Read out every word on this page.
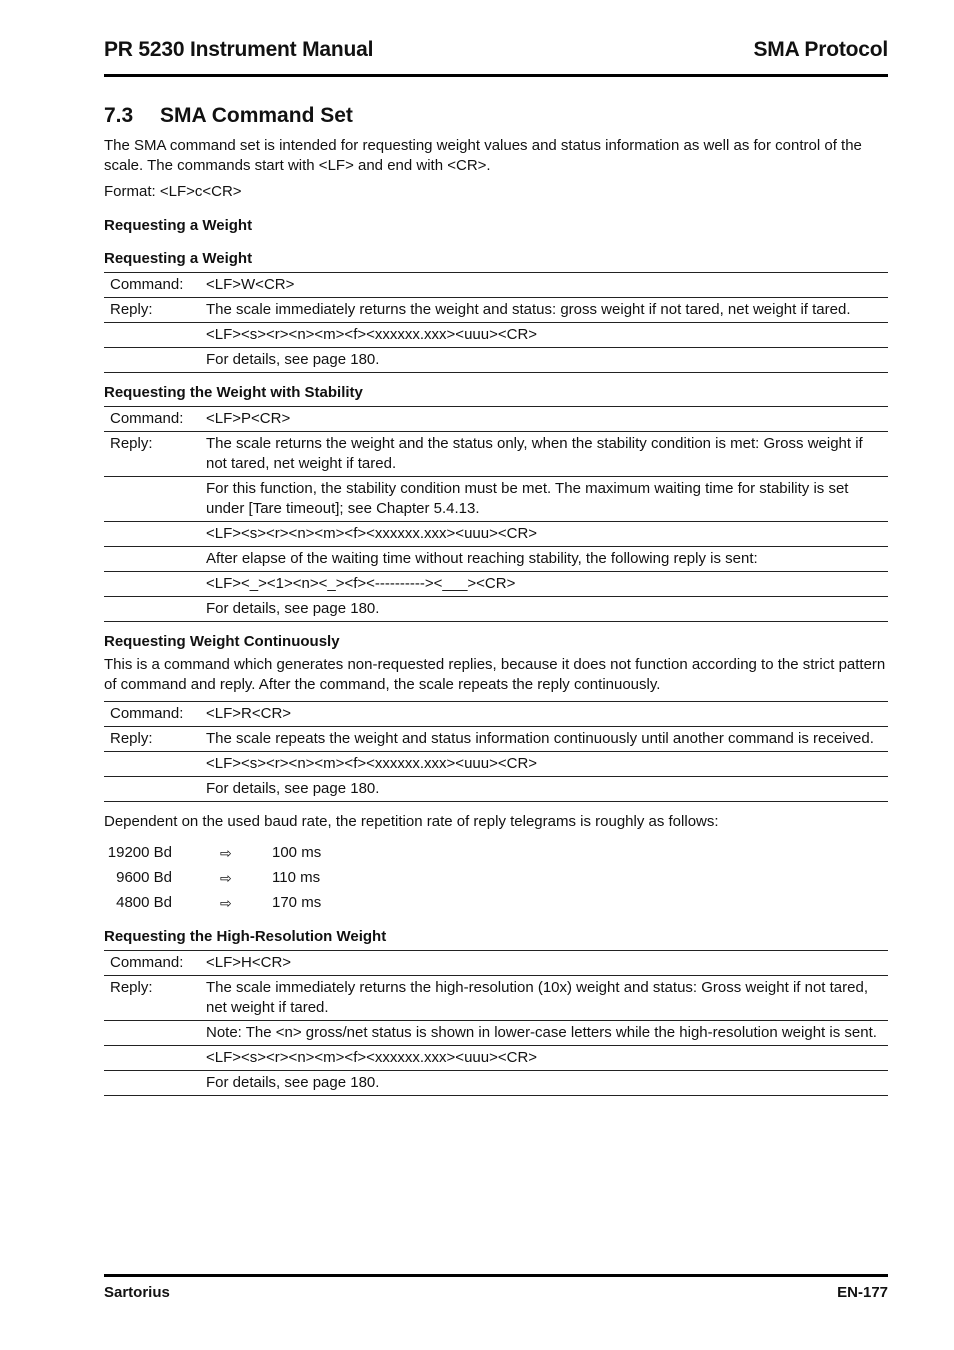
PR 5230 Instrument Manual	SMA Protocol
7.3 SMA Command Set

The SMA command set is intended for requesting weight values and status information as well as for control of the scale. The commands start with <LF> and end with <CR>.

Format: <LF>c<CR>

Requesting a Weight
Requesting a Weight
Command:	<LF>W<CR>
Reply:	The scale immediately returns the weight and status: gross weight if not tared, net weight if tared.
	<LF><s><r><n><m><f><xxxxxx.xxx><uuu><CR>
	For details, see page 180.
Requesting the Weight with Stability
Command:	<LF>P<CR>
Reply:	The scale returns the weight and the status only, when the stability condition is met: Gross weight if not tared, net weight if tared.
	For this function, the stability condition must be met. The maximum waiting time for stability is set under [Tare timeout]; see Chapter 5.4.13.
	<LF><s><r><n><m><f><xxxxxx.xxx><uuu><CR>
	After elapse of the waiting time without reaching stability, the following reply is sent:
	<LF><_><1><n><_><f><----------><___><CR>
	For details, see page 180.
Requesting Weight Continuously

This is a command which generates non-requested replies, because it does not function according to the strict pattern of command and reply. After the command, the scale repeats the reply continuously.

Command:	<LF>R<CR>
Reply:	The scale repeats the weight and status information continuously until another command is received.
	<LF><s><r><n><m><f><xxxxxx.xxx><uuu><CR>
	For details, see page 180.

Dependent on the used baud rate, the repetition rate of reply telegrams is roughly as follows:

19200 Bd	⇨	100 ms
9600 Bd	⇨	110 ms
4800 Bd	⇨	170 ms
Requesting the High-Resolution Weight
Command:	<LF>H<CR>
Reply:	The scale immediately returns the high-resolution (10x) weight and status: Gross weight if not tared, net weight if tared.
	Note: The <n> gross/net status is shown in lower-case letters while the high-resolution weight is sent.
	<LF><s><r><n><m><f><xxxxxx.xxx><uuu><CR>
	For details, see page 180.
Sartorius	EN-177
